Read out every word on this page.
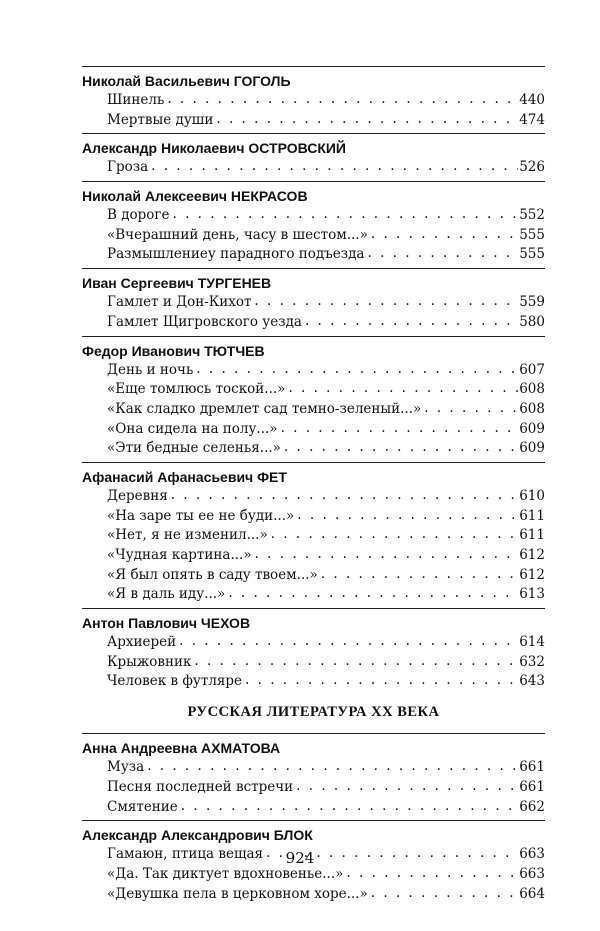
Николай Васильевич ГОГОЛЬ
Шинель . . .	440
Мертвые души . . .	474
Александр Николаевич ОСТРОВСКИЙ
Гроза . . .	526
Николай Алексеевич НЕКРАСОВ
В дороге . . .	552
«Вчерашний день, часу в шестом...» . . .	555
Размышлениеу парадного подъезда . . .	555
Иван Сергеевич ТУРГЕНЕВ
Гамлет и Дон-Кихот . . .	559
Гамлет Щигровского уезда . . .	580
Федор Иванович ТЮТЧЕВ
День и ночь . . .	607
«Еще томлюсь тоской...» . . .	608
«Как сладко дремлет сад темно-зеленый...» . . .	608
«Она сидела на полу...» . . .	609
«Эти бедные селенья...» . . .	609
Афанасий Афанасьевич ФЕТ
Деревня . . .	610
«На заре ты ее не буди...» . . .	611
«Нет, я не изменил...» . . .	611
«Чудная картина...» . . .	612
«Я был опять в саду твоем...» . . .	612
«Я в даль иду...» . . .	613
Антон Павлович ЧЕХОВ
Архиерей . . .	614
Крыжовник . . .	632
Человек в футляре . . .	643
РУССКАЯ ЛИТЕРАТУРА ХХ ВЕКА
Анна Андреевна АХМАТОВА
Муза . . .	661
Песня последней встречи . . .	661
Смятение . . .	662
Александр Александрович БЛОК
Гамаюн, птица вещая . . .	663
«Да. Так диктует вдохновенье...» . . .	663
«Девушка пела в церковном хоре...» . . .	664
924
